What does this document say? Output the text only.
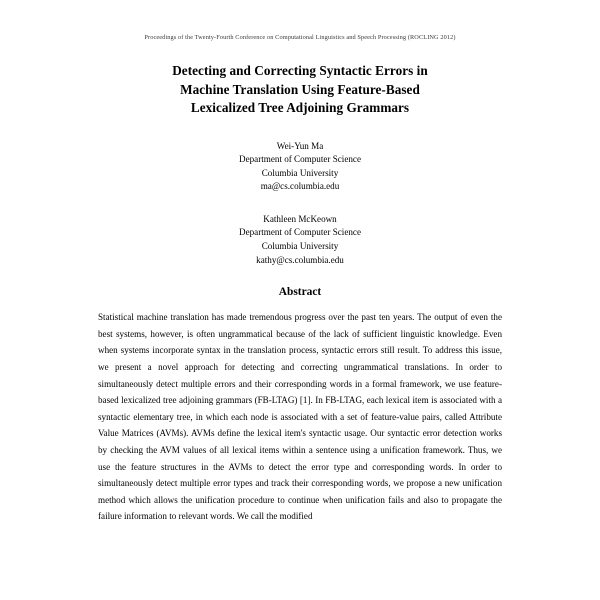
Proceedings of the Twenty-Fourth Conference on Computational Linguistics and Speech Processing (ROCLING 2012)
Detecting and Correcting Syntactic Errors in
Machine Translation Using Feature-Based
Lexicalized Tree Adjoining Grammars
Wei-Yun Ma
Department of Computer Science
Columbia University
ma@cs.columbia.edu
Kathleen McKeown
Department of Computer Science
Columbia University
kathy@cs.columbia.edu
Abstract
Statistical machine translation has made tremendous progress over the past ten years. The output of even the best systems, however, is often ungrammatical because of the lack of sufficient linguistic knowledge. Even when systems incorporate syntax in the translation process, syntactic errors still result. To address this issue, we present a novel approach for detecting and correcting ungrammatical translations. In order to simultaneously detect multiple errors and their corresponding words in a formal framework, we use feature-based lexicalized tree adjoining grammars (FB-LTAG) [1]. In FB-LTAG, each lexical item is associated with a syntactic elementary tree, in which each node is associated with a set of feature-value pairs, called Attribute Value Matrices (AVMs). AVMs define the lexical item's syntactic usage. Our syntactic error detection works by checking the AVM values of all lexical items within a sentence using a unification framework. Thus, we use the feature structures in the AVMs to detect the error type and corresponding words. In order to simultaneously detect multiple error types and track their corresponding words, we propose a new unification method which allows the unification procedure to continue when unification fails and also to propagate the failure information to relevant words. We call the modified
